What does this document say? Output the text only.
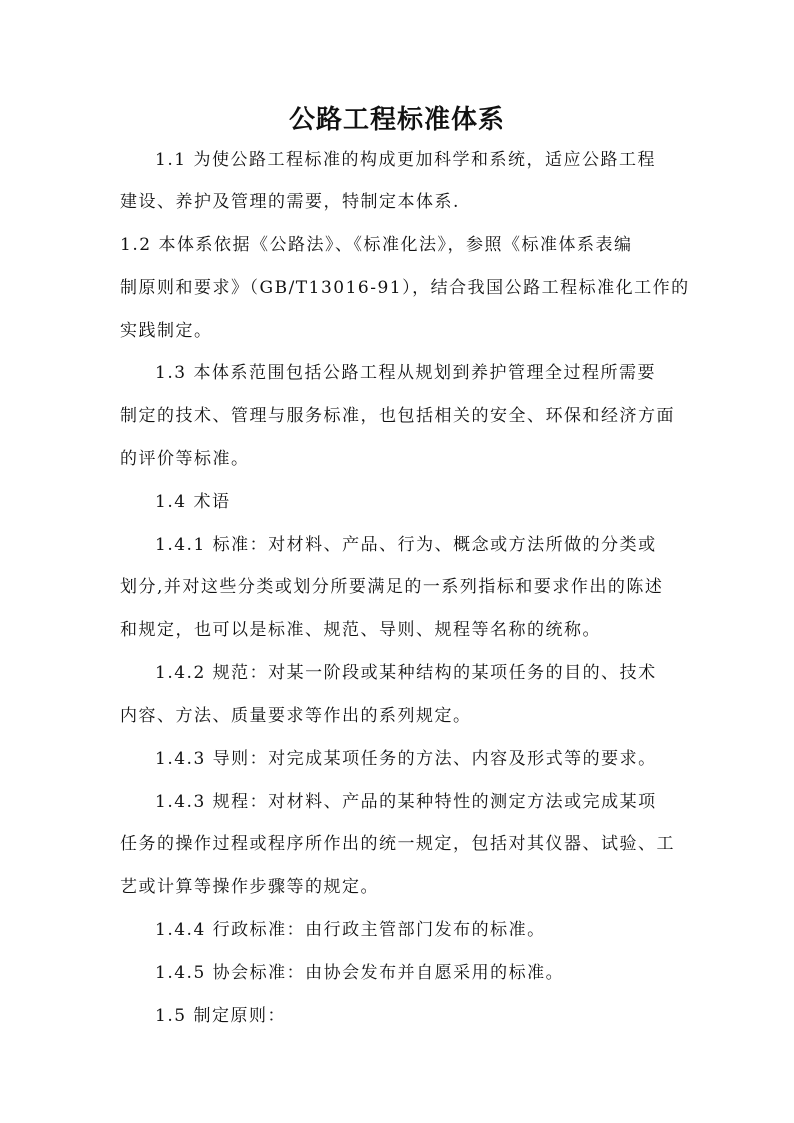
公路工程标准体系
1.1 为使公路工程标准的构成更加科学和系统，适应公路工程
建设、养护及管理的需要，特制定本体系.
1.2 本体系依据《公路法》、《标准化法》，参照《标准体系表编
制原则和要求》（GB/T13016-91），结合我国公路工程标准化工作的
实践制定。
1.3 本体系范围包括公路工程从规划到养护管理全过程所需要
制定的技术、管理与服务标准，也包括相关的安全、环保和经济方面
的评价等标准。
1.4 术语
1.4.1 标准：对材料、产品、行为、概念或方法所做的分类或
划分,并对这些分类或划分所要满足的一系列指标和要求作出的陈述
和规定，也可以是标准、规范、导则、规程等名称的统称。
1.4.2 规范：对某一阶段或某种结构的某项任务的目的、技术
内容、方法、质量要求等作出的系列规定。
1.4.3 导则：对完成某项任务的方法、内容及形式等的要求。
1.4.3 规程：对材料、产品的某种特性的测定方法或完成某项
任务的操作过程或程序所作出的统一规定，包括对其仪器、试验、工
艺或计算等操作步骤等的规定。
1.4.4 行政标准：由行政主管部门发布的标准。
1.4.5 协会标准：由协会发布并自愿采用的标准。
1.5 制定原则：
